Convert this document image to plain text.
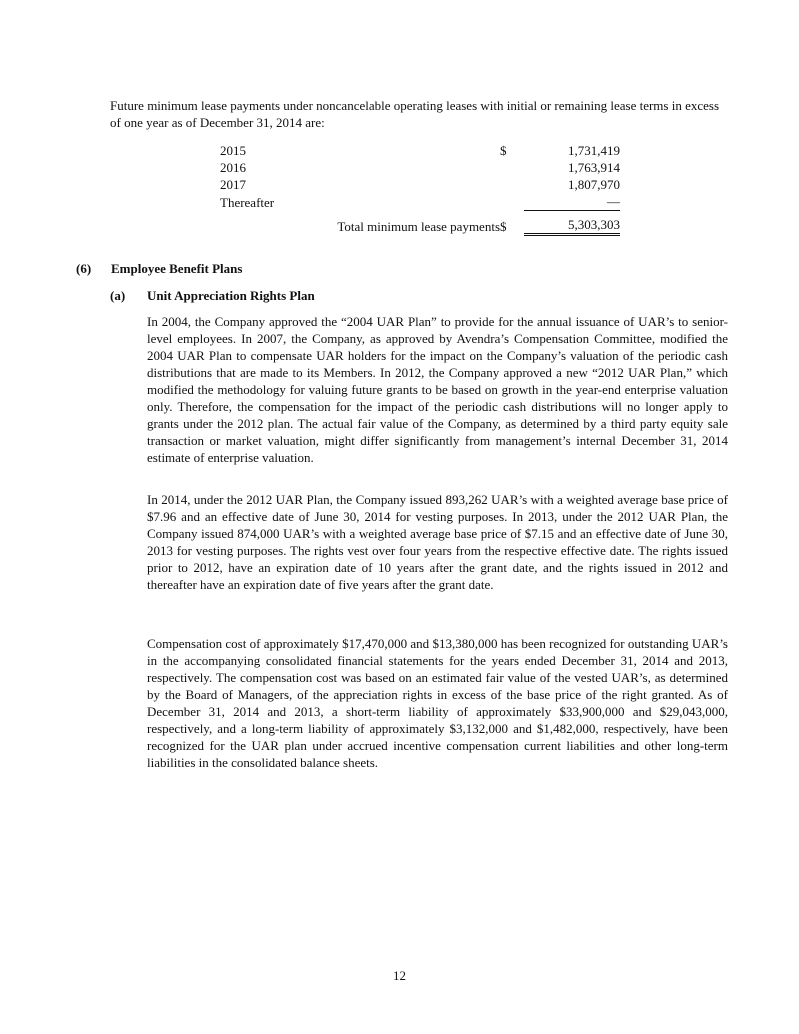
Future minimum lease payments under noncancelable operating leases with initial or remaining lease terms in excess of one year as of December 31, 2014 are:

2015	$	1,731,419
2016		1,763,914
2017		1,807,970
Thereafter		—
Total minimum lease payments	$	5,303,303
(6) Employee Benefit Plans
(a) Unit Appreciation Rights Plan

In 2004, the Company approved the “2004 UAR Plan” to provide for the annual issuance of UAR’s to senior-level employees. In 2007, the Company, as approved by Avendra’s Compensation Committee, modified the 2004 UAR Plan to compensate UAR holders for the impact on the Company’s valuation of the periodic cash distributions that are made to its Members. In 2012, the Company approved a new “2012 UAR Plan,” which modified the methodology for valuing future grants to be based on growth in the year-end enterprise valuation only. Therefore, the compensation for the impact of the periodic cash distributions will no longer apply to grants under the 2012 plan. The actual fair value of the Company, as determined by a third party equity sale transaction or market valuation, might differ significantly from management’s internal December 31, 2014 estimate of enterprise valuation.

In 2014, under the 2012 UAR Plan, the Company issued 893,262 UAR’s with a weighted average base price of $7.96 and an effective date of June 30, 2014 for vesting purposes. In 2013, under the 2012 UAR Plan, the Company issued 874,000 UAR’s with a weighted average base price of $7.15 and an effective date of June 30, 2013 for vesting purposes. The rights vest over four years from the respective effective date. The rights issued prior to 2012, have an expiration date of 10 years after the grant date, and the rights issued in 2012 and thereafter have an expiration date of five years after the grant date.

Compensation cost of approximately $17,470,000 and $13,380,000 has been recognized for outstanding UAR’s in the accompanying consolidated financial statements for the years ended December 31, 2014 and 2013, respectively. The compensation cost was based on an estimated fair value of the vested UAR’s, as determined by the Board of Managers, of the appreciation rights in excess of the base price of the right granted. As of December 31, 2014 and 2013, a short-term liability of approximately $33,900,000 and $29,043,000, respectively, and a long-term liability of approximately $3,132,000 and $1,482,000, respectively, have been recognized for the UAR plan under accrued incentive compensation current liabilities and other long-term liabilities in the consolidated balance sheets.

12
